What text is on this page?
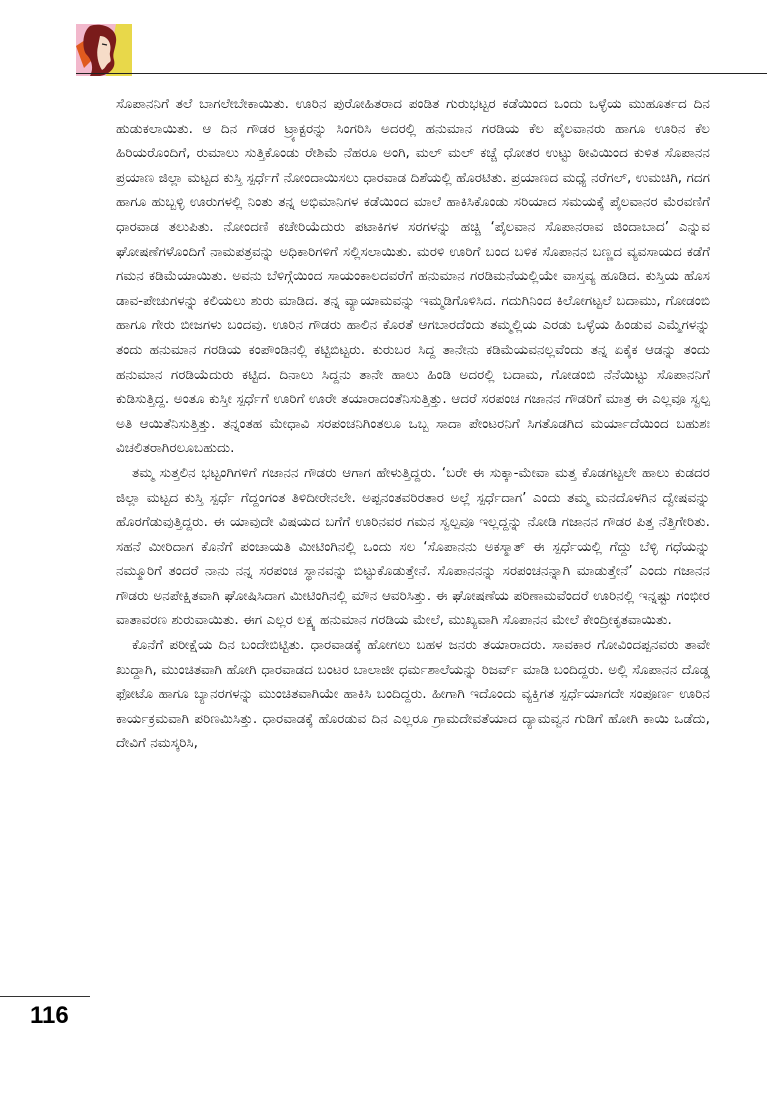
ಸೊಪಾನನಿಗೆ ತಲೆ ಬಾಗಲೇಬೇಕಾಯಿತು. ಊರಿನ ಪುರೋಹಿತರಾದ ಪಂಡಿತ ಗುರುಭಟ್ಟರ ಕಡೆಯಿಂದ ಒಂದು ಒಳ್ಳೆಯ ಮುಹೂರ್ತದ ದಿನ ಹುಡುಕಲಾಯಿತು. ಆ ದಿನ ಗೌಡರ ಟ್ರ್ಯಾಕ್ಟರನ್ನು ಸಿಂಗರಿಸಿ ಅದರಲ್ಲಿ ಹನುಮಾನ ಗರಡಿಯ ಕೆಲ ಪೈಲವಾನರು ಹಾಗೂ ಊರಿನ ಕೆಲ ಹಿರಿಯರೊಂದಿಗೆ, ರುಮಾಲು ಸುತ್ತಿಕೊಂಡು ರೇಶಿಮೆ ನೆಹರೂ ಅಂಗಿ, ಮಲ್ ಮಲ್ ಕಚ್ಚೆ ಧೋತರ ಉಟ್ಟು ಠೀವಿಯಿಂದ ಕುಳಿತ ಸೊಪಾನನ ಪ್ರಯಾಣ ಜಿಲ್ಲಾ ಮಟ್ಟದ ಕುಸ್ತಿ ಸ್ಪರ್ಧೆಗೆ ನೋಂದಾಯಿಸಲು ಧಾರವಾಡ ದಿಶೆಯಲ್ಲಿ ಹೊರಟಿತು. ಪ್ರಯಾಣದ ಮಧ್ಯೆ ನರೆಗಲ್, ಉಮಚಿಗಿ, ಗದಗ ಹಾಗೂ ಹುಬ್ಬಳ್ಳಿ ಊರುಗಳಲ್ಲಿ ನಿಂತು ತನ್ನ ಅಭಿಮಾನಿಗಳ ಕಡೆಯಿಂದ ಮಾಲೆ ಹಾಕಿಸಿಕೊಂಡು ಸರಿಯಾದ ಸಮಯಕ್ಕೆ ಪೈಲವಾನರ ಮೆರವಣಿಗೆ ಧಾರವಾಡ ತಲುಪಿತು. ನೋಂದಣಿ ಕಚೇರಿಯೆದುರು ಪಟಾಕಿಗಳ ಸರಗಳನ್ನು ಹಚ್ಚಿ ‘ಪೈಲವಾನ ಸೊಪಾನರಾವ ಜಿಂದಾಬಾದ’ ಎನ್ನುವ ಘೋಷಣೆಗಳೊಂದಿಗೆ ನಾಮಪತ್ರವನ್ನು ಅಧಿಕಾರಿಗಳಿಗೆ ಸಲ್ಲಿಸಲಾಯಿತು. ಮರಳಿ ಊರಿಗೆ ಬಂದ ಬಳಿಕ ಸೊಪಾನನ ಬಣ್ಣದ ವ್ಯವಸಾಯದ ಕಡೆಗೆ ಗಮನ ಕಡಿಮೆಯಾಯಿತು. ಅವನು ಬೆಳಿಗ್ಗೆಯಿಂದ ಸಾಯಂಕಾಲದವರೆಗೆ ಹನುಮಾನ ಗರಡಿಮನೆಯಲ್ಲಿಯೇ ವಾಸ್ತವ್ಯ ಹೂಡಿದ. ಕುಸ್ತಿಯ ಹೊಸ ಡಾವ-ಪೇಚುಗಳನ್ನು ಕಲಿಯಲು ಶುರು ಮಾಡಿದ. ತನ್ನ ವ್ಯಾಯಾಮವನ್ನು ಇಮ್ಮಡಿಗೊಳಿಸಿದ. ಗದುಗಿನಿಂದ ಕಿಲೋಗಟ್ಟಲೆ ಬದಾಮು, ಗೋಡಂಬಿ ಹಾಗೂ ಗೇರು ಬೀಜಗಳು ಬಂದವು. ಊರಿನ ಗೌಡರು ಹಾಲಿನ ಕೊರತೆ ಆಗಬಾರದೆಂದು ತಮ್ಮಲ್ಲಿಯ ಎರಡು ಒಳ್ಳೆಯ ಹಿಂಡುವ ಎಮ್ಮೆಗಳನ್ನು ತಂದು ಹನುಮಾನ ಗರಡಿಯ ಕಂಪೌಂಡಿನಲ್ಲಿ ಕಟ್ಟಿಬಿಟ್ಟರು. ಕುರುಬರ ಸಿದ್ದ ತಾನೇನು ಕಡಿಮೆಯವನಲ್ಲವೆಂದು ತನ್ನ ಏಕೈಕ ಆಡನ್ನು ತಂದು ಹನುಮಾನ ಗರಡಿಯೆದುರು ಕಟ್ಟಿದ. ದಿನಾಲು ಸಿದ್ದನು ತಾನೇ ಹಾಲು ಹಿಂಡಿ ಅದರಲ್ಲಿ ಬದಾಮ, ಗೋಡಂಬಿ ನೆನೆಯಿಟ್ಟು ಸೊಪಾನನಿಗೆ ಕುಡಿಸುತ್ತಿದ್ದ. ಅಂತೂ ಕುಸ್ತೀ ಸ್ಪರ್ಧೆಗೆ ಊರಿಗೆ ಊರೇ ತಯಾರಾದಂತೆನಿಸುತ್ತಿತ್ತು. ಆದರೆ ಸರಪಂಚ ಗಜಾನನ ಗೌಡರಿಗೆ ಮಾತ್ರ ಈ ಎಲ್ಲವೂ ಸ್ವಲ್ಪ ಅತಿ ಆಯಿತೆನಿಸುತ್ತಿತ್ತು. ತನ್ನಂತಹ ಮೇಧಾವಿ ಸರಪಂಚನಿಗಿಂತಲೂ ಒಬ್ಬ ಸಾದಾ ಪೇಂಟರನಿಗೆ ಸಿಗತೊಡಗಿದ ಮರ್ಯಾದೆಯಿಂದ ಬಹುಶಃ ವಿಚಲಿತರಾಗಿರಲೂಬಹುದು.

ತಮ್ಮ ಸುತ್ತಲಿನ ಭಟ್ಟಂಗಿಗಳಿಗೆ ಗಜಾನನ ಗೌಡರು ಆಗಾಗ ಹೇಳುತ್ತಿದ್ದರು. ‘ಬರೇ ಈ ಸುಕ್ಕಾ-ಮೇವಾ ಮತ್ತ ಕೊಡಗಟ್ಟಲೇ ಹಾಲು ಕುಡದರ ಜಿಲ್ಲಾ ಮಟ್ಟದ ಕುಸ್ತಿ ಸ್ಪರ್ಧೆ ಗೆದ್ದಂಗಂತ ತಿಳಿದೀರೇನಲೇ. ಅಪ್ಪನಂತವರಿರತಾರ ಅಲ್ಲೆ ಸ್ಪರ್ಧೆದಾಗ’ ಎಂದು ತಮ್ಮ ಮನದೊಳಗಿನ ದ್ವೇಷವನ್ನು ಹೊರಗೆಡುವುತ್ತಿದ್ದರು. ಈ ಯಾವುದೇ ವಿಷಯದ ಬಗೆಗೆ ಊರಿನವರ ಗಮನ ಸ್ವಲ್ಪವೂ ಇಲ್ಲದ್ದನ್ನು ನೋಡಿ ಗಜಾನನ ಗೌಡರ ಪಿತ್ತ ನೆತ್ತಿಗೇರಿತು. ಸಹನೆ ಮೀರಿದಾಗ ಕೊನೆಗೆ ಪಂಚಾಯತಿ ಮೀಟಿಂಗಿನಲ್ಲಿ ಒಂದು ಸಲ ‘ಸೊಪಾನನು ಅಕಸ್ಮಾತ್ ಈ ಸ್ಪರ್ಧೆಯಲ್ಲಿ ಗೆದ್ದು ಬೆಳ್ಳಿ ಗಧೆಯನ್ನು ನಮ್ಮೂರಿಗೆ ತಂದರೆ ನಾನು ನನ್ನ ಸರಪಂಚ ಸ್ಥಾನವನ್ನು ಬಿಟ್ಟುಕೊಡುತ್ತೇನೆ. ಸೊಪಾನನನ್ನು ಸರಪಂಚನನ್ನಾಗಿ ಮಾಡುತ್ತೇನೆ’ ಎಂದು ಗಜಾನನ ಗೌಡರು ಅನಪೇಕ್ಷಿತವಾಗಿ ಘೋಷಿಸಿದಾಗ ಮೀಟಿಂಗಿನಲ್ಲಿ ಮೌನ ಆವರಿಸಿತ್ತು. ಈ ಘೋಷಣೆಯ ಪರಿಣಾಮವೆಂದರೆ ಊರಿನಲ್ಲಿ ಇನ್ನಷ್ಟು ಗಂಭೀರ ವಾತಾವರಣ ಶುರುವಾಯಿತು. ಈಗ ಎಲ್ಲರ ಲಕ್ಷ್ಯ ಹನುಮಾನ ಗರಡಿಯ ಮೇಲೆ, ಮುಖ್ಯವಾಗಿ ಸೊಪಾನನ ಮೇಲೆ ಕೇಂದ್ರೀಕೃತವಾಯಿತು.

ಕೊನೆಗೆ ಪರೀಕ್ಷೆಯ ದಿನ ಬಂದೇಬಿಟ್ಟಿತು. ಧಾರವಾಡಕ್ಕೆ ಹೋಗಲು ಬಹಳ ಜನರು ತಯಾರಾದರು. ಸಾವಕಾರ ಗೋವಿಂದಪ್ಪನವರು ತಾವೇ ಖುದ್ದಾಗಿ, ಮುಂಚಿತವಾಗಿ ಹೋಗಿ ಧಾರವಾಡದ ಬಂಟರ ಬಾಲಾಜೀ ಧರ್ಮಶಾಲೆಯನ್ನು ರಿಜರ್ವ್ ಮಾಡಿ ಬಂದಿದ್ದರು. ಅಲ್ಲಿ ಸೊಪಾನನ ದೊಡ್ಡ ಫೋಟೊ ಹಾಗೂ ಬ್ಯಾನರಗಳನ್ನು ಮುಂಚಿತವಾಗಿಯೇ ಹಾಕಿಸಿ ಬಂದಿದ್ದರು. ಹೀಗಾಗಿ ಇದೊಂದು ವ್ಯಕ್ತಿಗತ ಸ್ಪರ್ಧೆಯಾಗದೇ ಸಂಪೂರ್ಣ ಊರಿನ ಕಾರ್ಯಕ್ರಮವಾಗಿ ಪರಿಣಮಿಸಿತ್ತು. ಧಾರವಾಡಕ್ಕೆ ಹೊರಡುವ ದಿನ ಎಲ್ಲರೂ ಗ್ರಾಮದೇವತೆಯಾದ ದ್ಯಾಮವ್ವನ ಗುಡಿಗೆ ಹೋಗಿ ಕಾಯಿ ಒಡೆದು, ದೇವಿಗೆ ನಮಸ್ಕರಿಸಿ,

116
